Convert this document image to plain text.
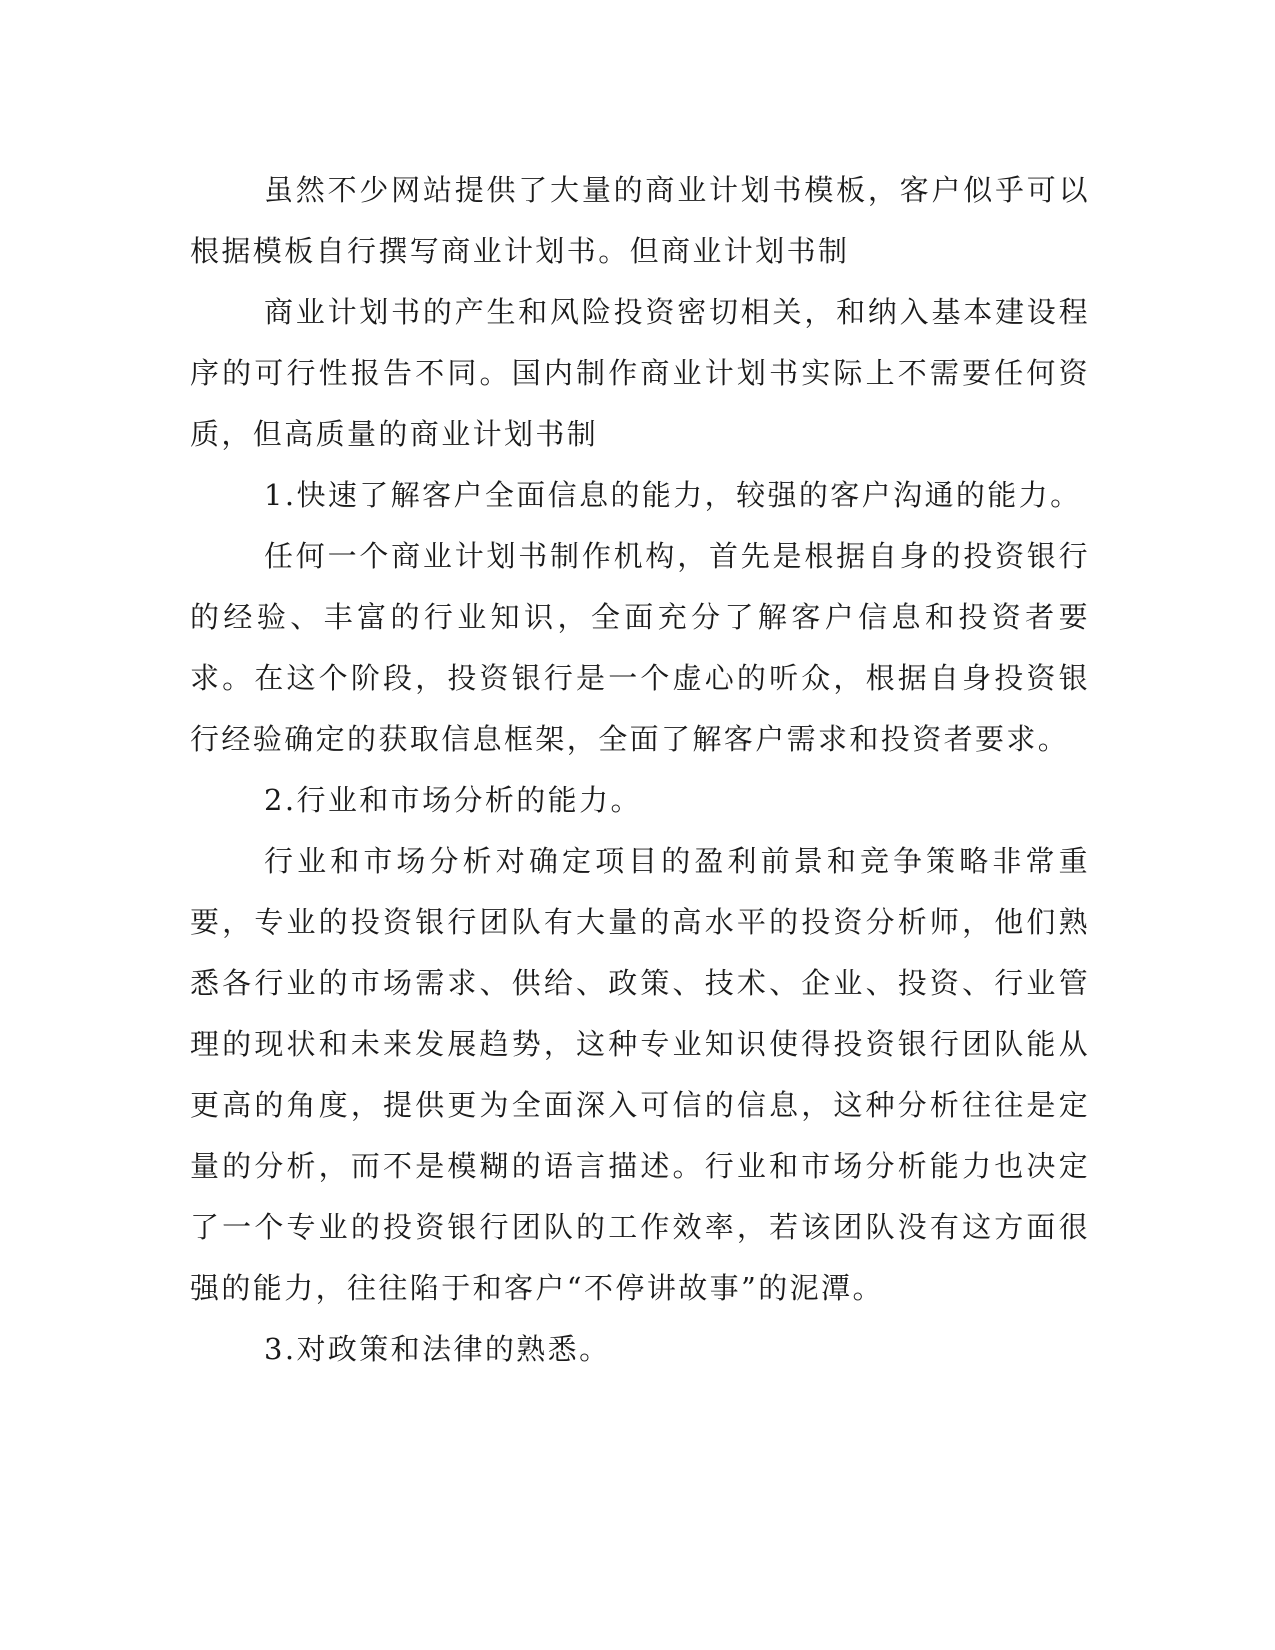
虽然不少网站提供了大量的商业计划书模板，客户似乎可以根据模板自行撰写商业计划书。但商业计划书制

商业计划书的产生和风险投资密切相关，和纳入基本建设程序的可行性报告不同。国内制作商业计划书实际上不需要任何资质，但高质量的商业计划书制

1.快速了解客户全面信息的能力，较强的客户沟通的能力。

任何一个商业计划书制作机构，首先是根据自身的投资银行的经验、丰富的行业知识，全面充分了解客户信息和投资者要求。在这个阶段，投资银行是一个虚心的听众，根据自身投资银行经验确定的获取信息框架，全面了解客户需求和投资者要求。

2.行业和市场分析的能力。

行业和市场分析对确定项目的盈利前景和竞争策略非常重要，专业的投资银行团队有大量的高水平的投资分析师，他们熟悉各行业的市场需求、供给、政策、技术、企业、投资、行业管理的现状和未来发展趋势，这种专业知识使得投资银行团队能从更高的角度，提供更为全面深入可信的信息，这种分析往往是定量的分析，而不是模糊的语言描述。行业和市场分析能力也决定了一个专业的投资银行团队的工作效率，若该团队没有这方面很强的能力，往往陷于和客户“不停讲故事”的泥潭。

3.对政策和法律的熟悉。
